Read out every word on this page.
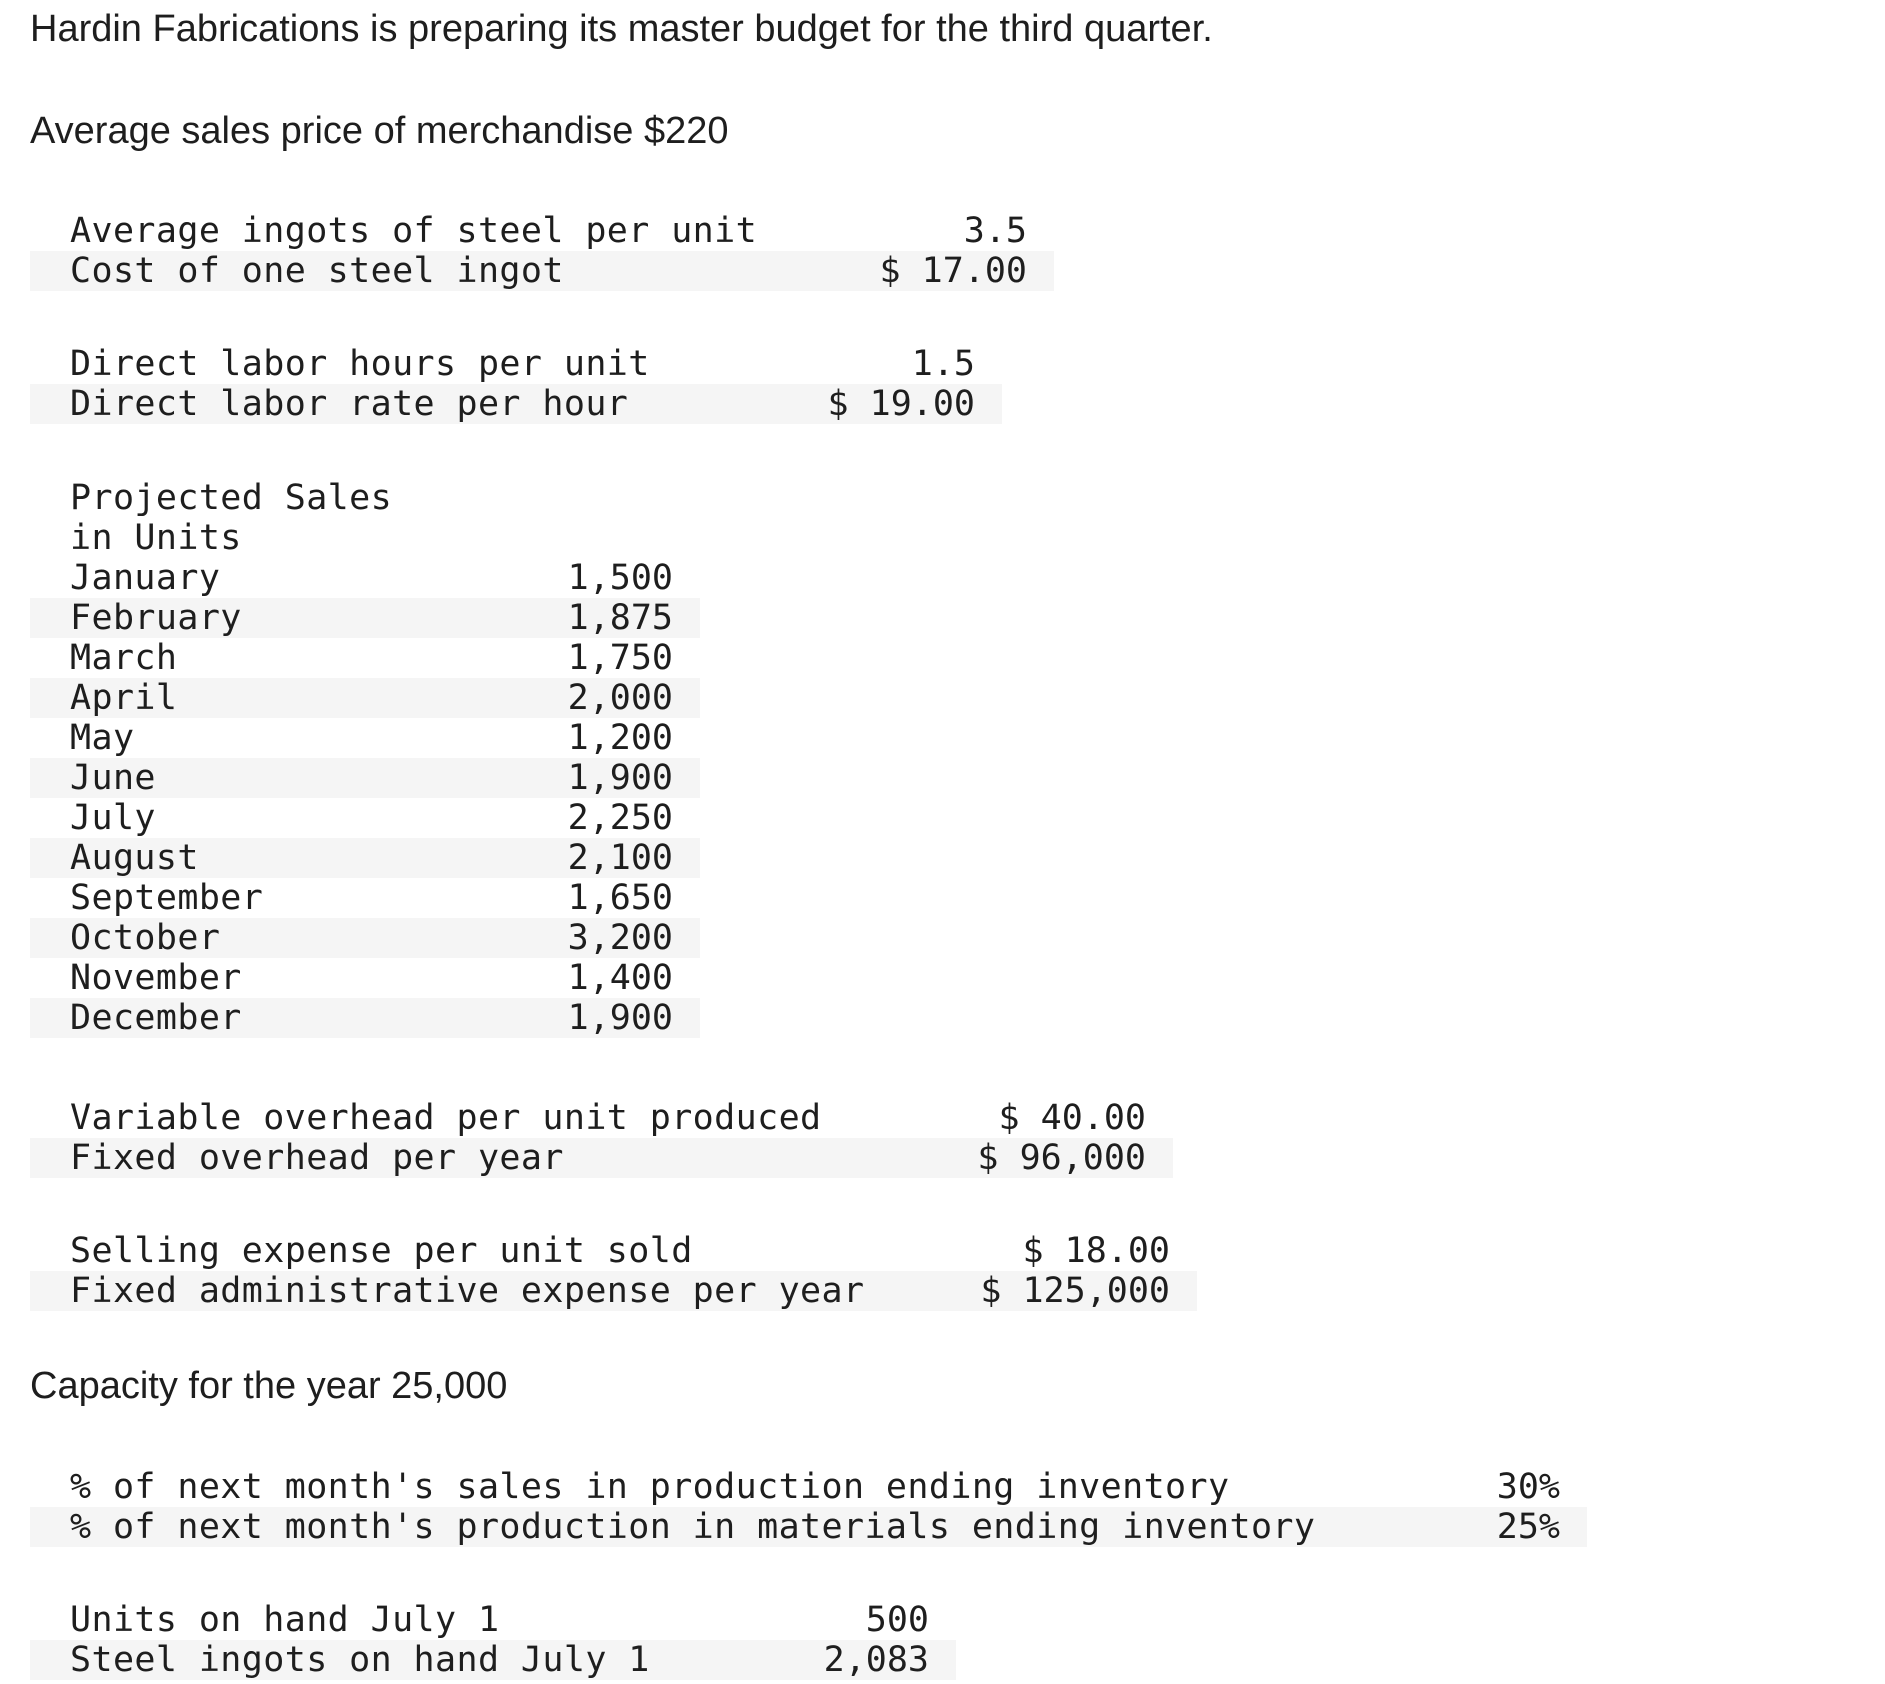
Hardin Fabrications is preparing its master budget for the third quarter.

Average sales price of merchandise $220

Average ingots of steel per unit	3.5
Cost of one steel ingot	$ 17.00
Direct labor hours per unit	1.5
Direct labor rate per hour	$ 19.00
Projected Sales in Units
January	1,500
February	1,875
March	1,750
April	2,000
May	1,200
June	1,900
July	2,250
August	2,100
September	1,650
October	3,200
November	1,400
December	1,900
Variable overhead per unit produced	$ 40.00
Fixed overhead per year	$ 96,000
Selling expense per unit sold	$ 18.00
Fixed administrative expense per year	$ 125,000

Capacity for the year 25,000

% of next month's sales in production ending inventory	30%
% of next month's production in materials ending inventory	25%
Units on hand July 1	500
Steel ingots on hand July 1	2,083
